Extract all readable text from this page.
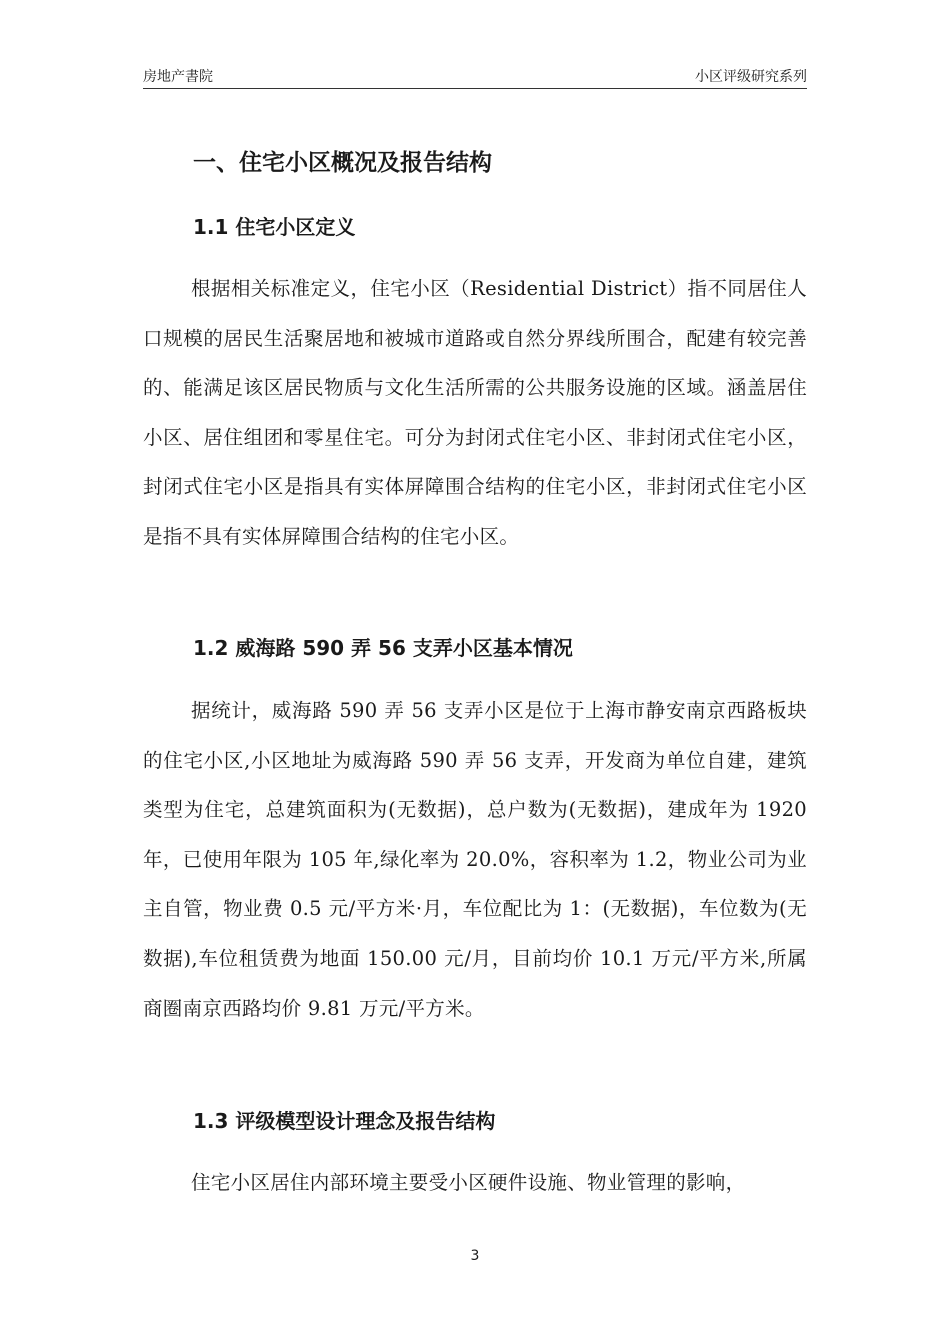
房地产書院	小区评级研究系列
一、住宅小区概况及报告结构
1.1 住宅小区定义

根据相关标准定义，住宅小区（Residential District）指不同居住人口规模的居民生活聚居地和被城市道路或自然分界线所围合，配建有较完善的、能满足该区居民物质与文化生活所需的公共服务设施的区域。涵盖居住小区、居住组团和零星住宅。可分为封闭式住宅小区、非封闭式住宅小区，封闭式住宅小区是指具有实体屏障围合结构的住宅小区，非封闭式住宅小区是指不具有实体屏障围合结构的住宅小区。

1.2 威海路 590 弄 56 支弄小区基本情况

据统计，威海路 590 弄 56 支弄小区是位于上海市静安南京西路板块的住宅小区,小区地址为威海路 590 弄 56 支弄，开发商为单位自建，建筑类型为住宅，总建筑面积为(无数据)，总户数为(无数据)，建成年为 1920 年，已使用年限为 105 年,绿化率为 20.0%，容积率为 1.2，物业公司为业主自管，物业费 0.5 元/平方米·月，车位配比为 1：(无数据)，车位数为(无数据),车位租赁费为地面 150.00 元/月，目前均价 10.1 万元/平方米,所属商圈南京西路均价 9.81 万元/平方米。

1.3 评级模型设计理念及报告结构

住宅小区居住内部环境主要受小区硬件设施、物业管理的影响，

3
